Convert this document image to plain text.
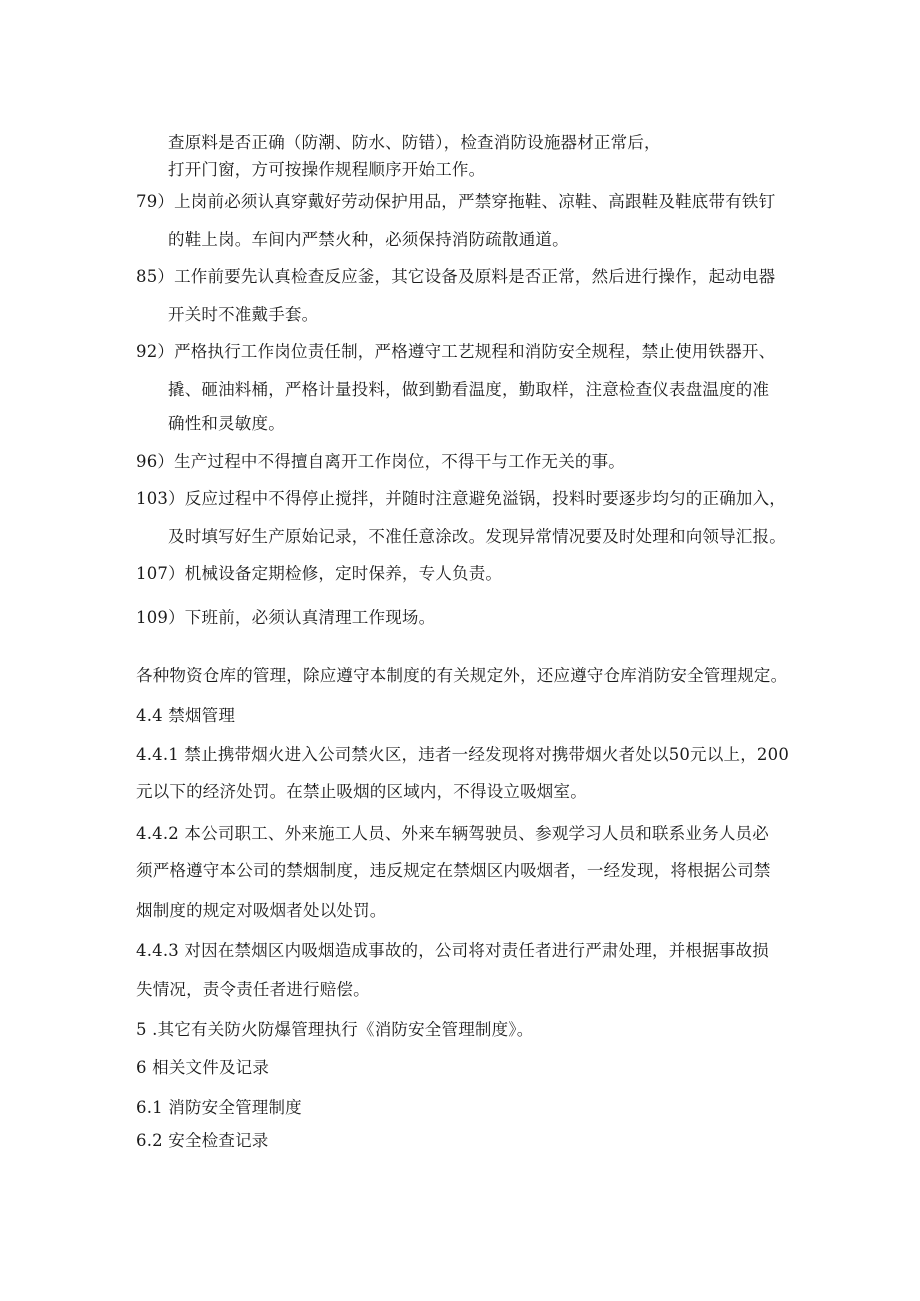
查原料是否正确（防潮、防水、防错），检查消防设施器材正常后，
打开门窗，方可按操作规程顺序开始工作。
79）上岗前必须认真穿戴好劳动保护用品，严禁穿拖鞋、凉鞋、高跟鞋及鞋底带有铁钉
的鞋上岗。车间内严禁火种，必须保持消防疏散通道。
85）工作前要先认真检查反应釜，其它设备及原料是否正常，然后进行操作，起动电器
开关时不准戴手套。
92）严格执行工作岗位责任制，严格遵守工艺规程和消防安全规程，禁止使用铁器开、
撬、砸油料桶，严格计量投料，做到勤看温度，勤取样，注意检查仪表盘温度的准
确性和灵敏度。
96）生产过程中不得擅自离开工作岗位，不得干与工作无关的事。
103）反应过程中不得停止搅拌，并随时注意避免溢锅，投料时要逐步均匀的正确加入，
及时填写好生产原始记录，不准任意涂改。发现异常情况要及时处理和向领导汇报。
107）机械设备定期检修，定时保养，专人负责。
109）下班前，必须认真清理工作现场。
各种物资仓库的管理，除应遵守本制度的有关规定外，还应遵守仓库消防安全管理规定。
4.4 禁烟管理
4.4.1 禁止携带烟火进入公司禁火区，违者一经发现将对携带烟火者处以50元以上，200
元以下的经济处罚。在禁止吸烟的区域内，不得设立吸烟室。
4.4.2 本公司职工、外来施工人员、外来车辆驾驶员、参观学习人员和联系业务人员必
须严格遵守本公司的禁烟制度，违反规定在禁烟区内吸烟者，一经发现，将根据公司禁
烟制度的规定对吸烟者处以处罚。
4.4.3 对因在禁烟区内吸烟造成事故的，公司将对责任者进行严肃处理，并根据事故损
失情况，责令责任者进行赔偿。
5 .其它有关防火防爆管理执行《消防安全管理制度》。
6 相关文件及记录
6.1 消防安全管理制度
6.2 安全检查记录
